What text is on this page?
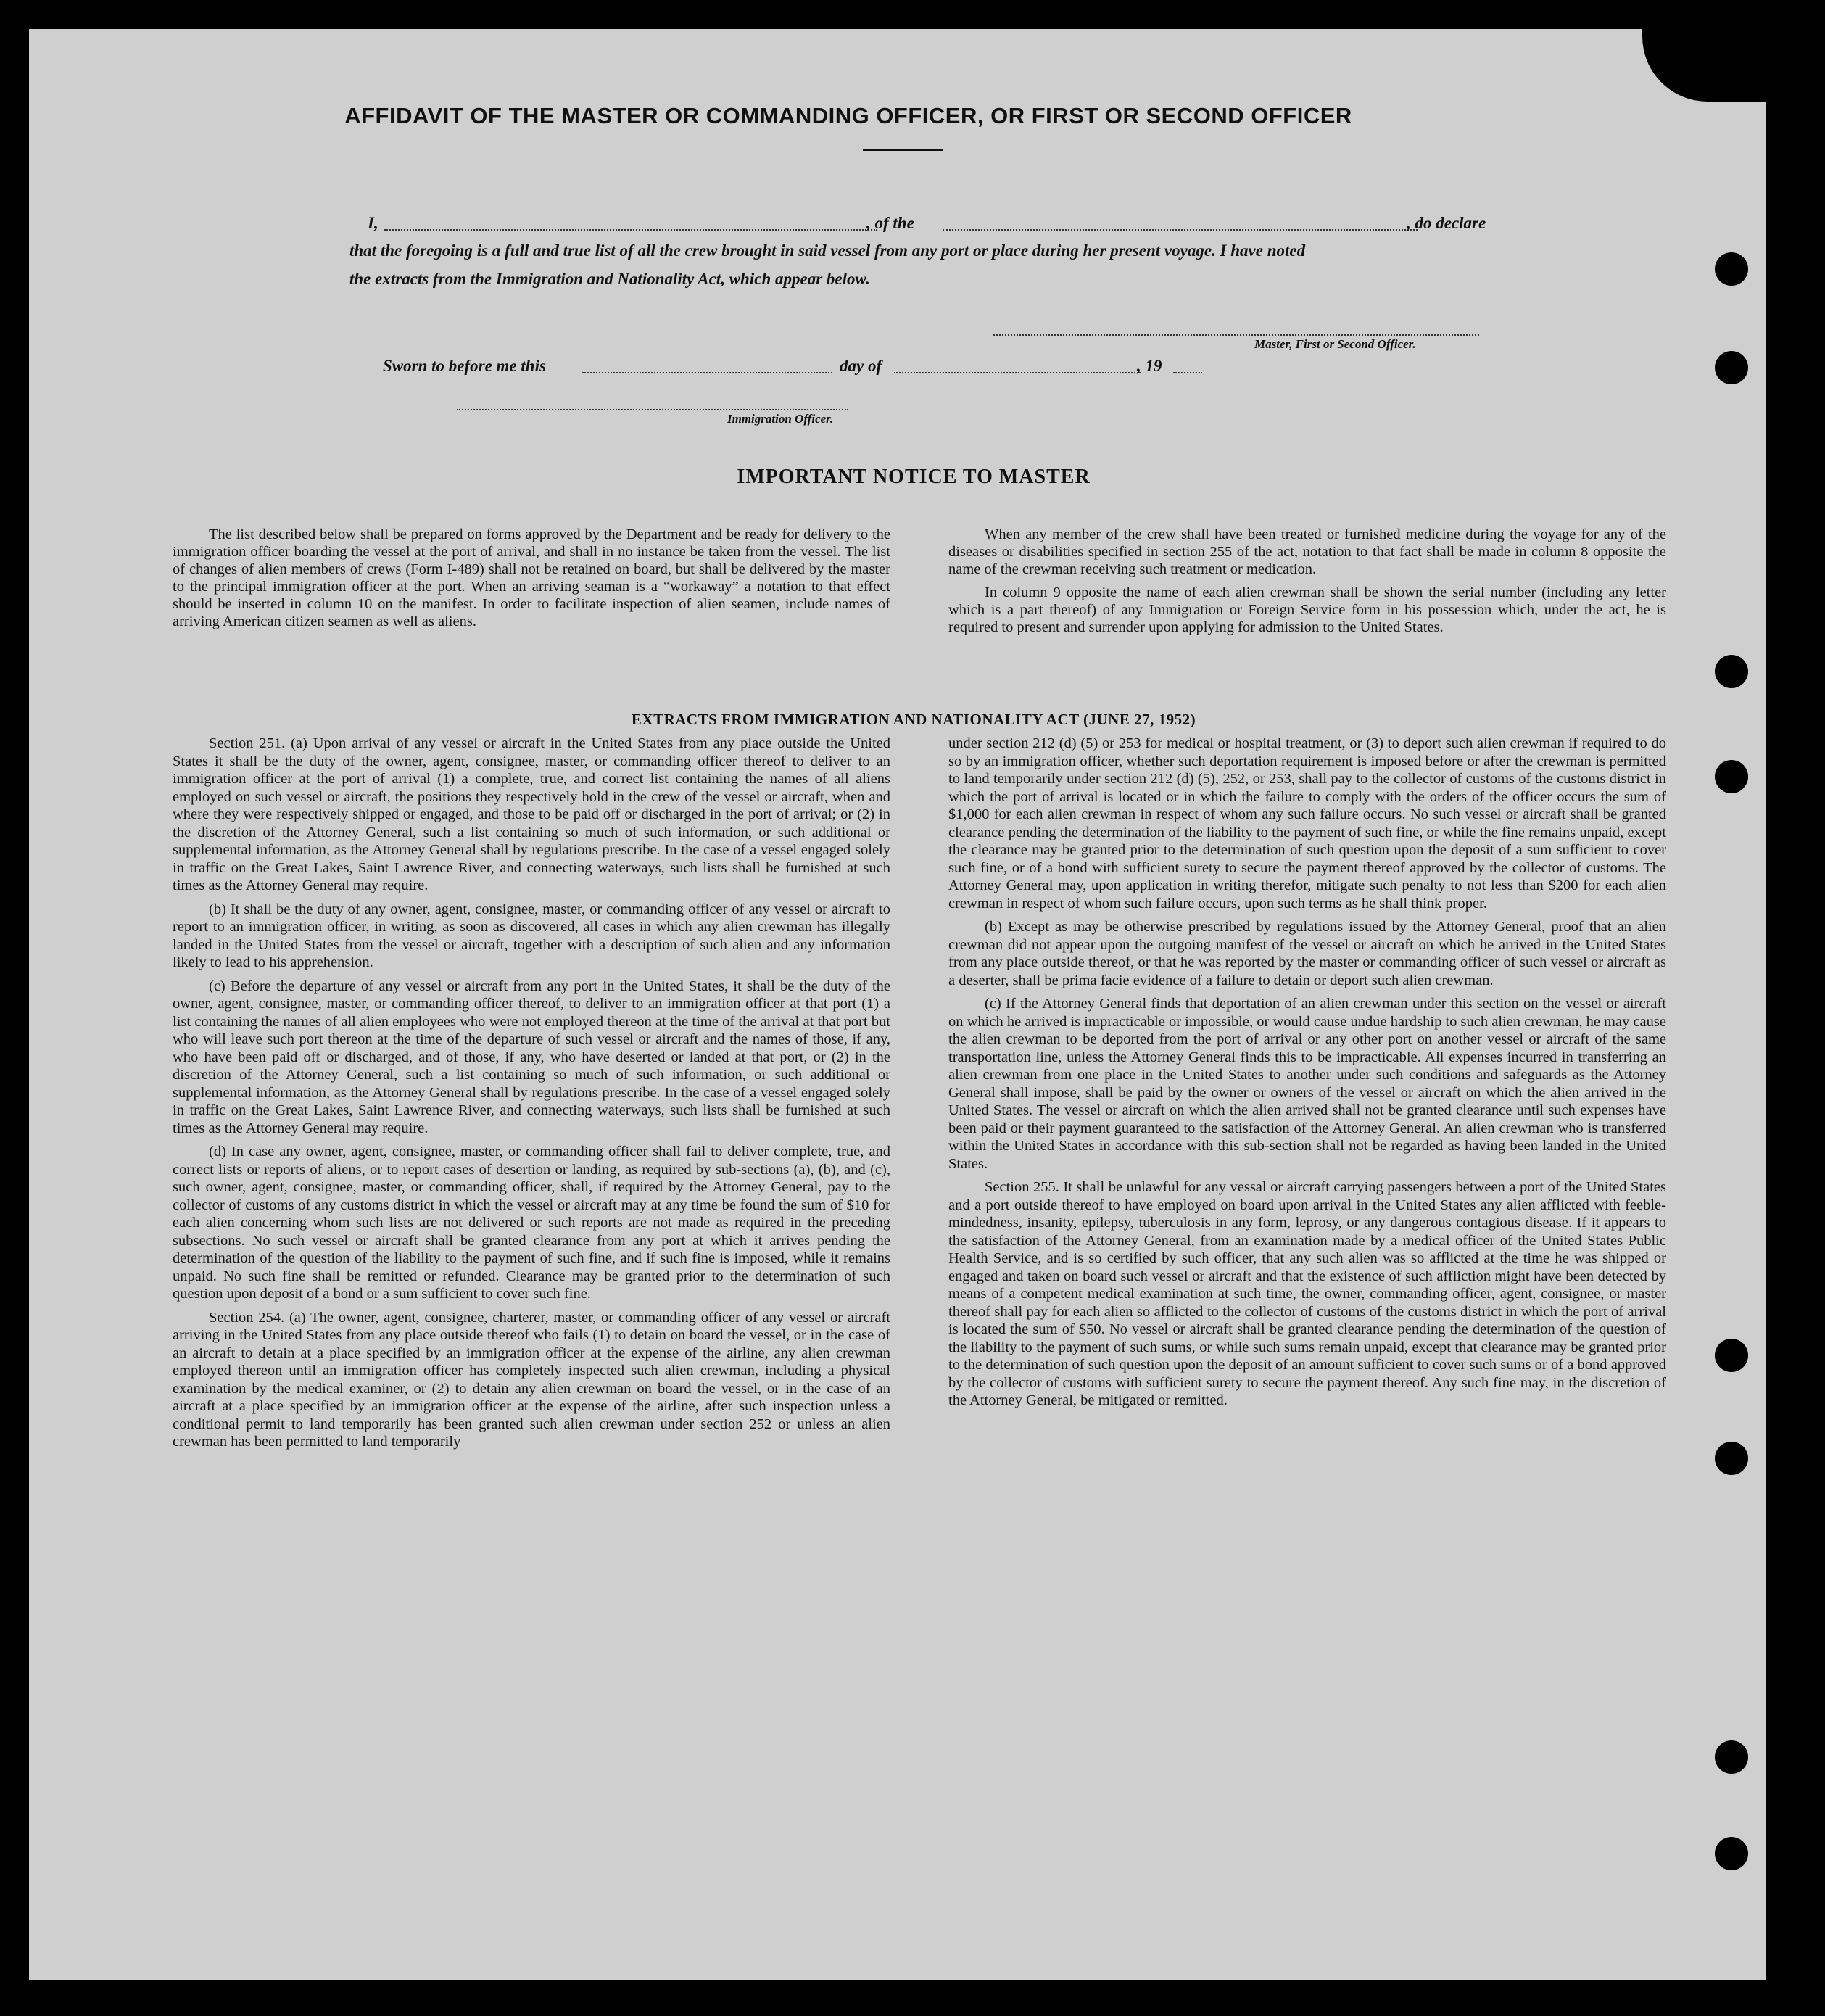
AFFIDAVIT OF THE MASTER OR COMMANDING OFFICER, OR FIRST OR SECOND OFFICER
I,	, of the	, do declare
that the foregoing is a full and true list of all the crew brought in said vessel from any port or place during her present voyage. I have noted
the extracts from the Immigration and Nationality Act, which appear below.
Master, First or Second Officer.
Sworn to before me this	day of	, 19
Immigration Officer.
IMPORTANT NOTICE TO MASTER

The list described below shall be prepared on forms approved by the Department and be ready for delivery to the immigration officer boarding the vessel at the port of arrival, and shall in no instance be taken from the vessel. The list of changes of alien members of crews (Form I-489) shall not be retained on board, but shall be delivered by the master to the principal immigration officer at the port. When an arriving seaman is a “workaway” a notation to that effect should be inserted in column 10 on the manifest. In order to facilitate inspection of alien seamen, include names of arriving American citizen seamen as well as aliens.

When any member of the crew shall have been treated or furnished medicine during the voyage for any of the diseases or disabilities specified in section 255 of the act, notation to that fact shall be made in column 8 opposite the name of the crewman receiving such treatment or medication.

In column 9 opposite the name of each alien crewman shall be shown the serial number (including any letter which is a part thereof) of any Immigration or Foreign Service form in his possession which, under the act, he is required to present and surrender upon applying for admission to the United States.

EXTRACTS FROM IMMIGRATION AND NATIONALITY ACT (JUNE 27, 1952)

Section 251. (a) Upon arrival of any vessel or aircraft in the United States from any place outside the United States it shall be the duty of the owner, agent, consignee, master, or commanding officer thereof to deliver to an immigration officer at the port of arrival (1) a complete, true, and correct list containing the names of all aliens employed on such vessel or aircraft, the positions they respectively hold in the crew of the vessel or aircraft, when and where they were respectively shipped or engaged, and those to be paid off or discharged in the port of arrival; or (2) in the discretion of the Attorney General, such a list containing so much of such information, or such additional or supplemental information, as the Attorney General shall by regulations prescribe. In the case of a vessel engaged solely in traffic on the Great Lakes, Saint Lawrence River, and connecting waterways, such lists shall be furnished at such times as the Attorney General may require.

(b) It shall be the duty of any owner, agent, consignee, master, or commanding officer of any vessel or aircraft to report to an immigration officer, in writing, as soon as discovered, all cases in which any alien crewman has illegally landed in the United States from the vessel or aircraft, together with a description of such alien and any information likely to lead to his apprehension.

(c) Before the departure of any vessel or aircraft from any port in the United States, it shall be the duty of the owner, agent, consignee, master, or commanding officer thereof, to deliver to an immigration officer at that port (1) a list containing the names of all alien employees who were not employed thereon at the time of the arrival at that port but who will leave such port thereon at the time of the departure of such vessel or aircraft and the names of those, if any, who have been paid off or discharged, and of those, if any, who have deserted or landed at that port, or (2) in the discretion of the Attorney General, such a list containing so much of such information, or such additional or supplemental information, as the Attorney General shall by regulations prescribe. In the case of a vessel engaged solely in traffic on the Great Lakes, Saint Lawrence River, and connecting waterways, such lists shall be furnished at such times as the Attorney General may require.

(d) In case any owner, agent, consignee, master, or commanding officer shall fail to deliver complete, true, and correct lists or reports of aliens, or to report cases of desertion or landing, as required by sub-sections (a), (b), and (c), such owner, agent, consignee, master, or commanding officer, shall, if required by the Attorney General, pay to the collector of customs of any customs district in which the vessel or aircraft may at any time be found the sum of $10 for each alien concerning whom such lists are not delivered or such reports are not made as required in the preceding subsections. No such vessel or aircraft shall be granted clearance from any port at which it arrives pending the determination of the question of the liability to the payment of such fine, and if such fine is imposed, while it remains unpaid. No such fine shall be remitted or refunded. Clearance may be granted prior to the determination of such question upon deposit of a bond or a sum sufficient to cover such fine.

Section 254. (a) The owner, agent, consignee, charterer, master, or commanding officer of any vessel or aircraft arriving in the United States from any place outside thereof who fails (1) to detain on board the vessel, or in the case of an aircraft to detain at a place specified by an immigration officer at the expense of the airline, any alien crewman employed thereon until an immigration officer has completely inspected such alien crewman, including a physical examination by the medical examiner, or (2) to detain any alien crewman on board the vessel, or in the case of an aircraft at a place specified by an immigration officer at the expense of the airline, after such inspection unless a conditional permit to land temporarily has been granted such alien crewman under section 252 or unless an alien crewman has been permitted to land temporarily

under section 212 (d) (5) or 253 for medical or hospital treatment, or (3) to deport such alien crewman if required to do so by an immigration officer, whether such deportation requirement is imposed before or after the crewman is permitted to land temporarily under section 212 (d) (5), 252, or 253, shall pay to the collector of customs of the customs district in which the port of arrival is located or in which the failure to comply with the orders of the officer occurs the sum of $1,000 for each alien crewman in respect of whom any such failure occurs. No such vessel or aircraft shall be granted clearance pending the determination of the liability to the payment of such fine, or while the fine remains unpaid, except the clearance may be granted prior to the determination of such question upon the deposit of a sum sufficient to cover such fine, or of a bond with sufficient surety to secure the payment thereof approved by the collector of customs. The Attorney General may, upon application in writing therefor, mitigate such penalty to not less than $200 for each alien crewman in respect of whom such failure occurs, upon such terms as he shall think proper.

(b) Except as may be otherwise prescribed by regulations issued by the Attorney General, proof that an alien crewman did not appear upon the outgoing manifest of the vessel or aircraft on which he arrived in the United States from any place outside thereof, or that he was reported by the master or commanding officer of such vessel or aircraft as a deserter, shall be prima facie evidence of a failure to detain or deport such alien crewman.

(c) If the Attorney General finds that deportation of an alien crewman under this section on the vessel or aircraft on which he arrived is impracticable or impossible, or would cause undue hardship to such alien crewman, he may cause the alien crewman to be deported from the port of arrival or any other port on another vessel or aircraft of the same transportation line, unless the Attorney General finds this to be impracticable. All expenses incurred in transferring an alien crewman from one place in the United States to another under such conditions and safeguards as the Attorney General shall impose, shall be paid by the owner or owners of the vessel or aircraft on which the alien arrived in the United States. The vessel or aircraft on which the alien arrived shall not be granted clearance until such expenses have been paid or their payment guaranteed to the satisfaction of the Attorney General. An alien crewman who is transferred within the United States in accordance with this sub-section shall not be regarded as having been landed in the United States.

Section 255. It shall be unlawful for any vessal or aircraft carrying passengers between a port of the United States and a port outside thereof to have employed on board upon arrival in the United States any alien afflicted with feeble-mindedness, insanity, epilepsy, tuberculosis in any form, leprosy, or any dangerous contagious disease. If it appears to the satisfaction of the Attorney General, from an examination made by a medical officer of the United States Public Health Service, and is so certified by such officer, that any such alien was so afflicted at the time he was shipped or engaged and taken on board such vessel or aircraft and that the existence of such affliction might have been detected by means of a competent medical examination at such time, the owner, commanding officer, agent, consignee, or master thereof shall pay for each alien so afflicted to the collector of customs of the customs district in which the port of arrival is located the sum of $50. No vessel or aircraft shall be granted clearance pending the determination of the question of the liability to the payment of such sums, or while such sums remain unpaid, except that clearance may be granted prior to the determination of such question upon the deposit of an amount sufficient to cover such sums or of a bond approved by the collector of customs with sufficient surety to secure the payment thereof. Any such fine may, in the discretion of the Attorney General, be mitigated or remitted.
